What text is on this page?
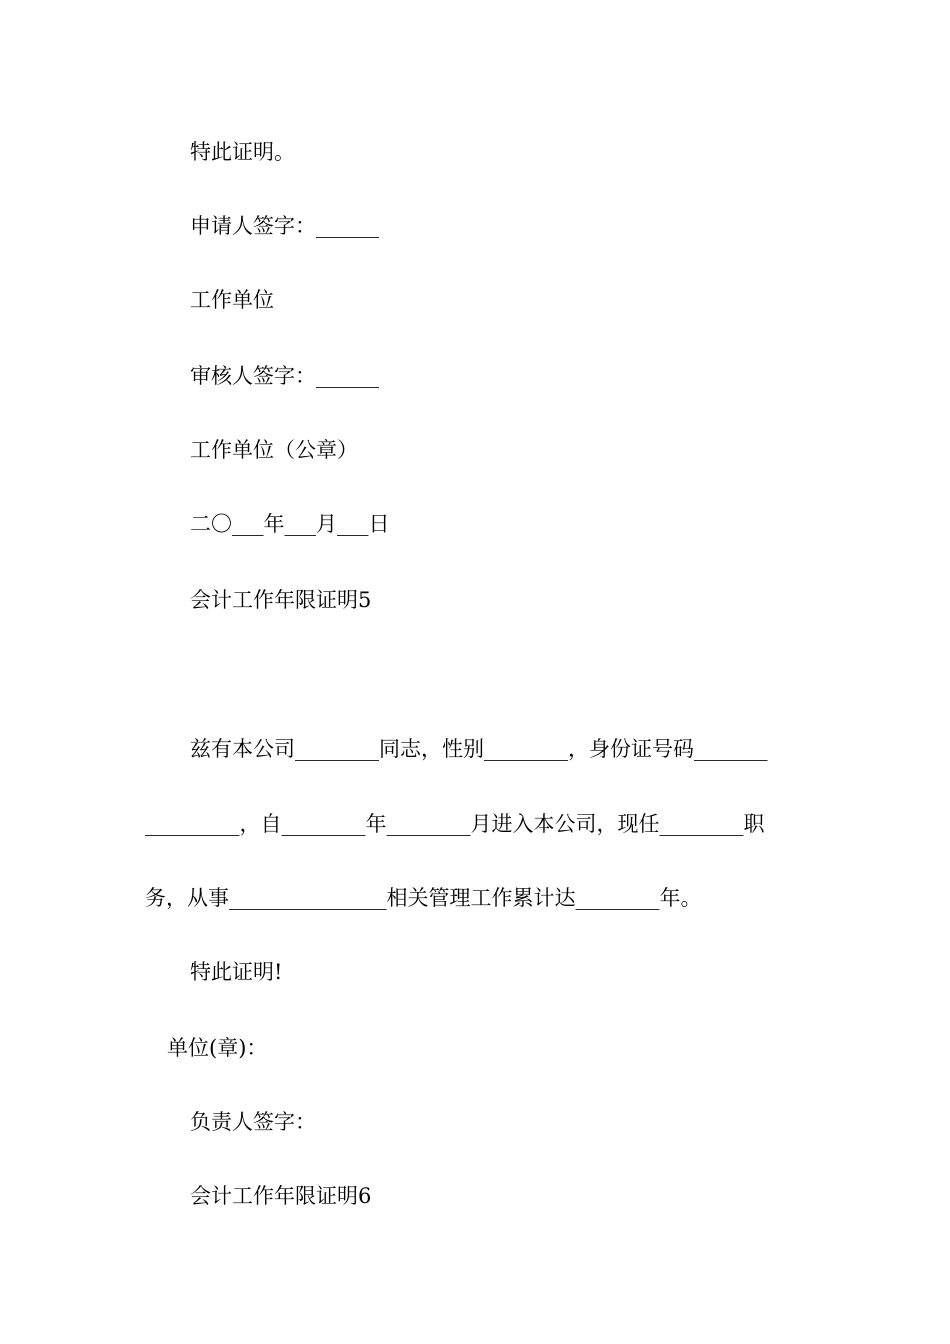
特此证明。
申请人签字：______
工作单位
审核人签字：______
工作单位（公章）
二〇___年___月___日
会计工作年限证明5
兹有本公司________同志，性别________，身份证号码_______
_________，自________年________月进入本公司，现任________职
务，从事_______________相关管理工作累计达________年。
特此证明!
单位(章)：
负责人签字：
会计工作年限证明6
